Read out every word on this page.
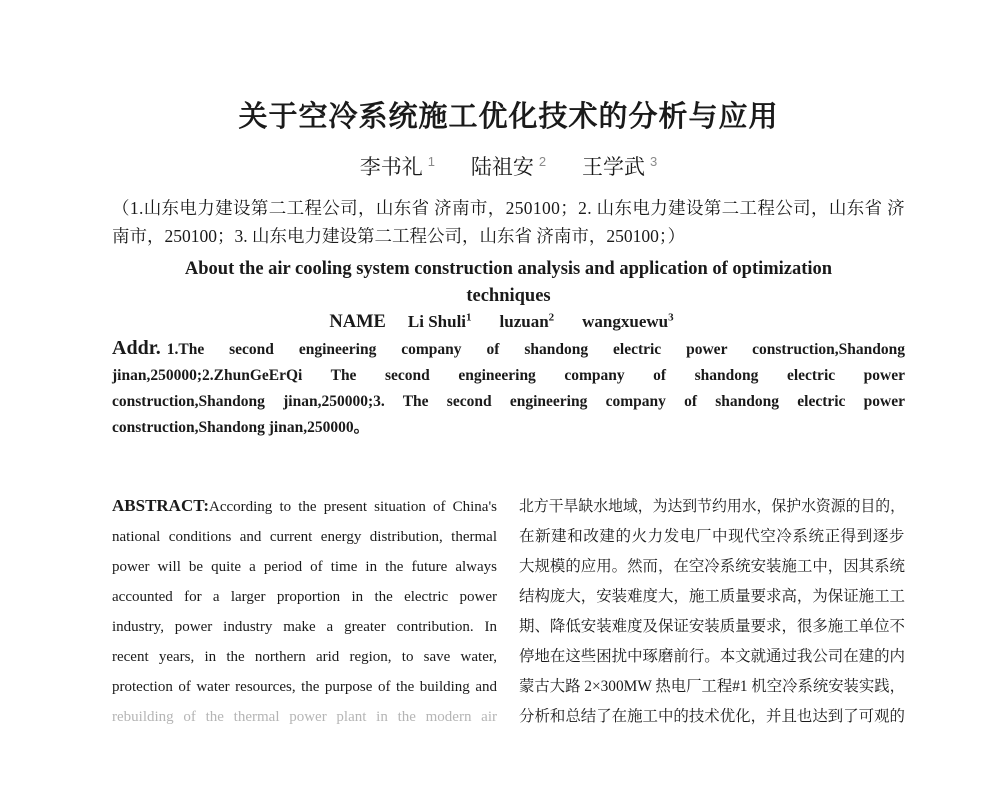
关于空冷系统施工优化技术的分析与应用
李书礼 $^1$ 陆祖安 $^2$ 王学武 $^3$
（1.山东电力建设第二工程公司，山东省 济南市，250100；2. 山东电力建设第二工程公司，山东省 济
南市，250100；3. 山东电力建设第二工程公司，山东省 济南市，250100；）
About the air cooling system construction analysis and application of optimization
techniques
NAME Li Shuli$^1$ luzuan$^2$ wangxuewu$^3$
Addr. 1.The second engineering company of shandong electric power construction,Shandong
jinan,250000;2.ZhunGeErQi The second engineering company of shandong electric power
construction,Shandong jinan,250000;3. The second engineering company of shandong electric power
construction,Shandong jinan,250000。
ABSTRACT:According to the present situation of China's
national conditions and current energy distribution, thermal
power will be quite a period of time in the future always
accounted for a larger proportion in the electric power
industry, power industry make a greater contribution. In
recent years, in the northern arid region, to save water,
protection of water resources, the purpose of the building and
rebuilding of the thermal power plant in the modern air
北方干旱缺水地域，为达到节约用水，保护水资源的目的，
在新建和改建的火力发电厂中现代空冷系统正得到逐步
大规模的应用。然而，在空冷系统安装施工中，因其系统
结构庞大，安装难度大，施工质量要求高，为保证施工工
期、降低安装难度及保证安装质量要求，很多施工单位不
停地在这些困扰中琢磨前行。本文就通过我公司在建的内
蒙古大路 2×300MW 热电厂工程#1 机空冷系统安装实践，
分析和总结了在施工中的技术优化，并且也达到了可观的
